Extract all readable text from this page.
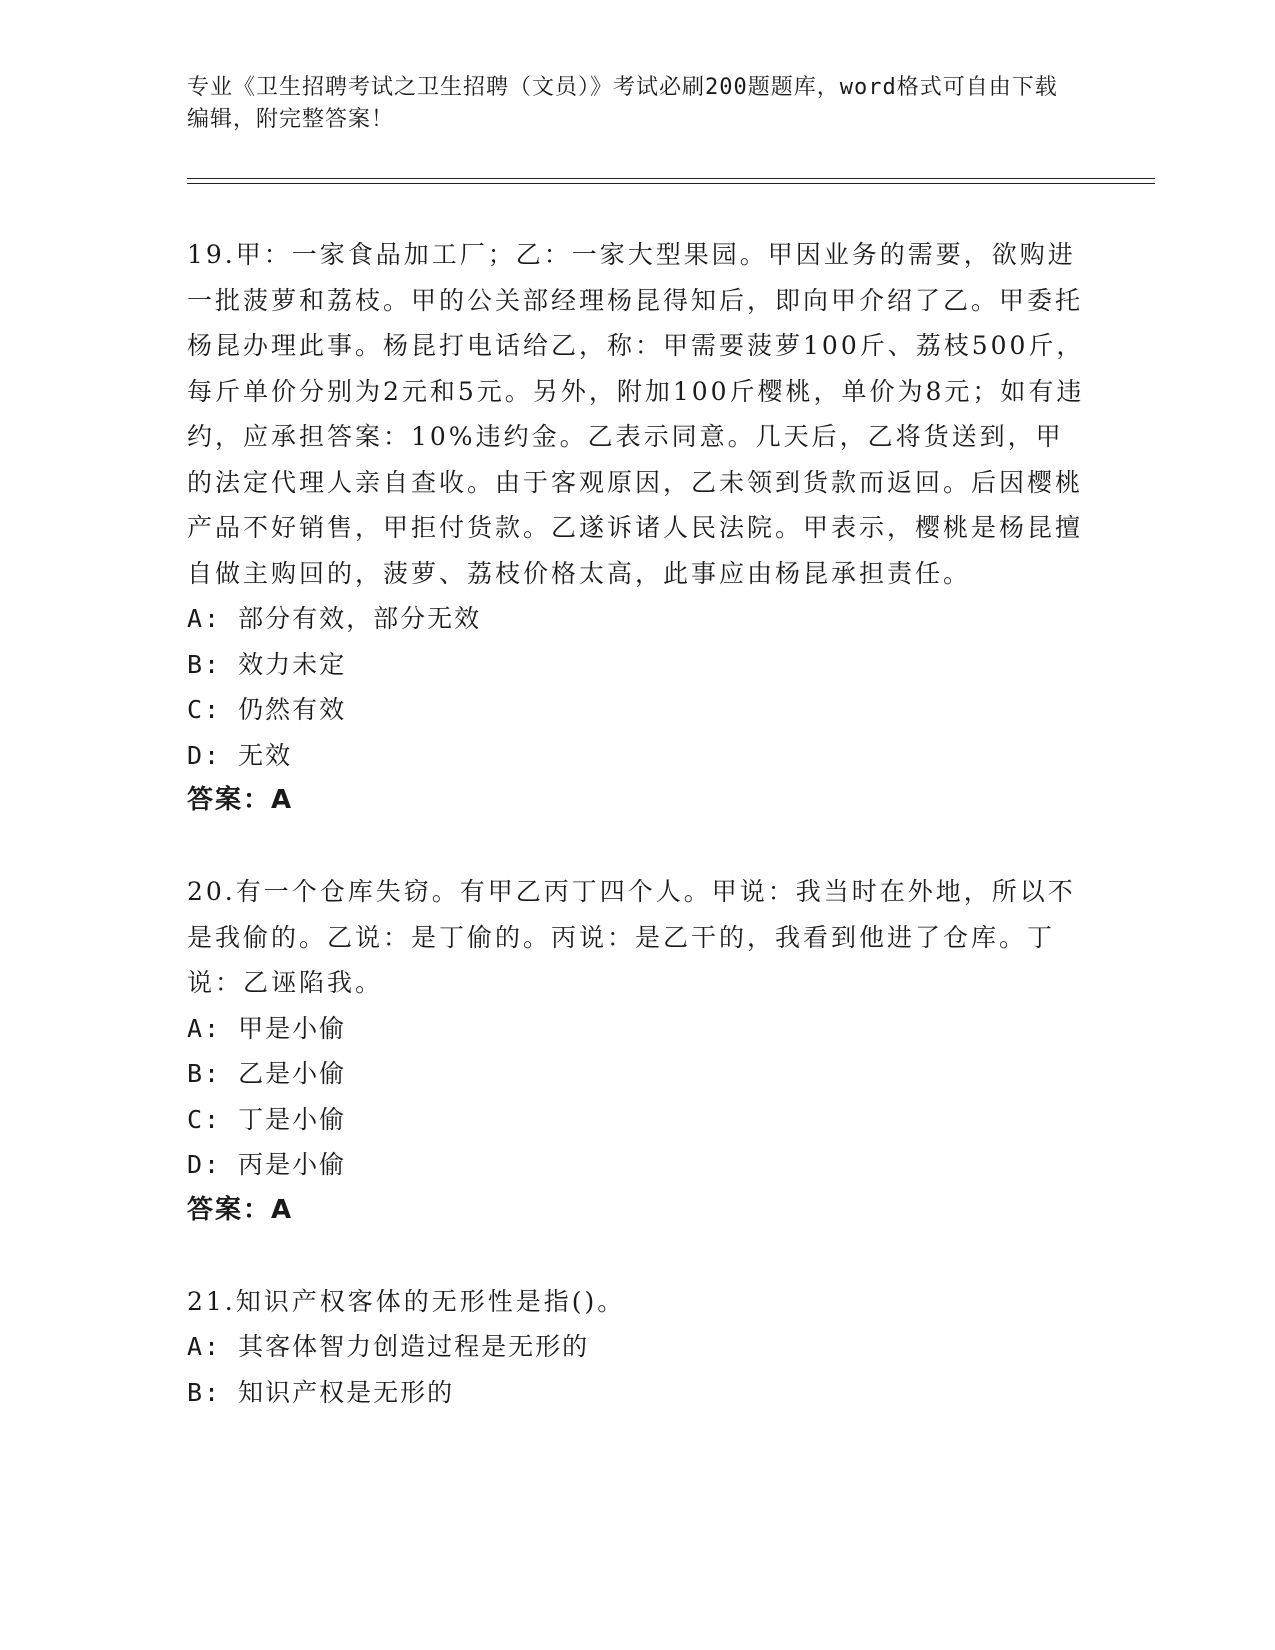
专业《卫生招聘考试之卫生招聘（文员）》考试必刷200题题库，word格式可自由下载编辑，附完整答案！

19.甲：一家食品加工厂；乙：一家大型果园。甲因业务的需要，欲购进一批菠萝和荔枝。甲的公关部经理杨昆得知后，即向甲介绍了乙。甲委托杨昆办理此事。杨昆打电话给乙，称：甲需要菠萝100斤、荔枝500斤，每斤单价分别为2元和5元。另外，附加100斤樱桃，单价为8元；如有违约，应承担答案：10%违约金。乙表示同意。几天后，乙将货送到，甲的法定代理人亲自查收。由于客观原因，乙未领到货款而返回。后因樱桃产品不好销售，甲拒付货款。乙遂诉诸人民法院。甲表示，樱桃是杨昆擅自做主购回的，菠萝、荔枝价格太高，此事应由杨昆承担责任。

A: 部分有效，部分无效

B: 效力未定

C: 仍然有效

D: 无效

答案：A

20.有一个仓库失窃。有甲乙丙丁四个人。甲说：我当时在外地，所以不是我偷的。乙说：是丁偷的。丙说：是乙干的，我看到他进了仓库。丁说：乙诬陷我。

A: 甲是小偷

B: 乙是小偷

C: 丁是小偷

D: 丙是小偷

答案：A

21.知识产权客体的无形性是指()。

A: 其客体智力创造过程是无形的

B: 知识产权是无形的
